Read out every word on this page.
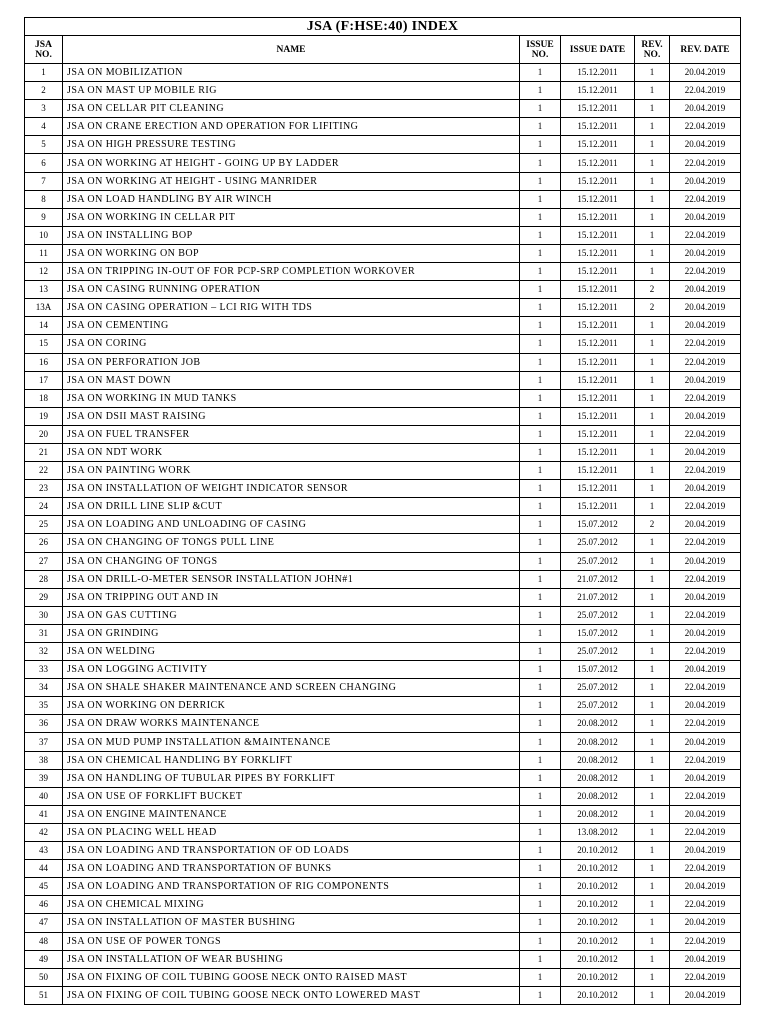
JSA (F:HSE:40) INDEX					
JSA NO.	NAME	ISSUE NO.	ISSUE DATE	REV. NO.	REV. DATE
1	JSA ON MOBILIZATION	1	15.12.2011	1	20.04.2019
2	JSA ON MAST UP MOBILE RIG	1	15.12.2011	1	22.04.2019
3	JSA ON CELLAR PIT CLEANING	1	15.12.2011	1	20.04.2019
4	JSA ON CRANE ERECTION AND OPERATION FOR LIFITING	1	15.12.2011	1	22.04.2019
5	JSA ON HIGH PRESSURE TESTING	1	15.12.2011	1	20.04.2019
6	JSA ON WORKING AT HEIGHT - GOING UP BY LADDER	1	15.12.2011	1	22.04.2019
7	JSA ON WORKING AT HEIGHT - USING MANRIDER	1	15.12.2011	1	20.04.2019
8	JSA ON LOAD HANDLING BY AIR WINCH	1	15.12.2011	1	22.04.2019
9	JSA ON WORKING IN CELLAR PIT	1	15.12.2011	1	20.04.2019
10	JSA ON INSTALLING BOP	1	15.12.2011	1	22.04.2019
11	JSA ON WORKING ON BOP	1	15.12.2011	1	20.04.2019
12	JSA ON TRIPPING IN-OUT OF FOR PCP-SRP COMPLETION WORKOVER	1	15.12.2011	1	22.04.2019
13	JSA ON CASING RUNNING OPERATION	1	15.12.2011	2	20.04.2019
13A	JSA ON CASING OPERATION – LCI RIG WITH TDS	1	15.12.2011	2	20.04.2019
14	JSA ON CEMENTING	1	15.12.2011	1	20.04.2019
15	JSA ON CORING	1	15.12.2011	1	22.04.2019
16	JSA ON PERFORATION JOB	1	15.12.2011	1	22.04.2019
17	JSA ON MAST DOWN	1	15.12.2011	1	20.04.2019
18	JSA ON WORKING IN MUD TANKS	1	15.12.2011	1	22.04.2019
19	JSA ON DSII MAST RAISING	1	15.12.2011	1	20.04.2019
20	JSA ON FUEL TRANSFER	1	15.12.2011	1	22.04.2019
21	JSA ON NDT WORK	1	15.12.2011	1	20.04.2019
22	JSA ON PAINTING WORK	1	15.12.2011	1	22.04.2019
23	JSA ON INSTALLATION OF WEIGHT INDICATOR SENSOR	1	15.12.2011	1	20.04.2019
24	JSA ON DRILL LINE SLIP &CUT	1	15.12.2011	1	22.04.2019
25	JSA ON LOADING AND UNLOADING OF CASING	1	15.07.2012	2	20.04.2019
26	JSA ON CHANGING OF TONGS PULL LINE	1	25.07.2012	1	22.04.2019
27	JSA ON CHANGING OF TONGS	1	25.07.2012	1	20.04.2019
28	JSA ON DRILL-O-METER SENSOR INSTALLATION JOHN#1	1	21.07.2012	1	22.04.2019
29	JSA ON TRIPPING OUT AND IN	1	21.07.2012	1	20.04.2019
30	JSA ON GAS CUTTING	1	25.07.2012	1	22.04.2019
31	JSA ON GRINDING	1	15.07.2012	1	20.04.2019
32	JSA ON WELDING	1	25.07.2012	1	22.04.2019
33	JSA ON LOGGING ACTIVITY	1	15.07.2012	1	20.04.2019
34	JSA ON SHALE SHAKER MAINTENANCE AND SCREEN CHANGING	1	25.07.2012	1	22.04.2019
35	JSA ON WORKING ON DERRICK	1	25.07.2012	1	20.04.2019
36	JSA ON DRAW WORKS MAINTENANCE	1	20.08.2012	1	22.04.2019
37	JSA ON MUD PUMP INSTALLATION &MAINTENANCE	1	20.08.2012	1	20.04.2019
38	JSA ON CHEMICAL HANDLING BY FORKLIFT	1	20.08.2012	1	22.04.2019
39	JSA ON HANDLING OF TUBULAR PIPES BY FORKLIFT	1	20.08.2012	1	20.04.2019
40	JSA ON USE OF FORKLIFT BUCKET	1	20.08.2012	1	22.04.2019
41	JSA ON ENGINE MAINTENANCE	1	20.08.2012	1	20.04.2019
42	JSA ON PLACING WELL HEAD	1	13.08.2012	1	22.04.2019
43	JSA ON LOADING AND TRANSPORTATION OF OD LOADS	1	20.10.2012	1	20.04.2019
44	JSA ON LOADING AND TRANSPORTATION OF BUNKS	1	20.10.2012	1	22.04.2019
45	JSA ON LOADING AND TRANSPORTATION OF RIG COMPONENTS	1	20.10.2012	1	20.04.2019
46	JSA ON CHEMICAL MIXING	1	20.10.2012	1	22.04.2019
47	JSA ON INSTALLATION OF MASTER BUSHING	1	20.10.2012	1	20.04.2019
48	JSA ON USE OF POWER TONGS	1	20.10.2012	1	22.04.2019
49	JSA ON INSTALLATION OF WEAR BUSHING	1	20.10.2012	1	20.04.2019
50	JSA ON FIXING OF COIL TUBING GOOSE NECK ONTO RAISED MAST	1	20.10.2012	1	22.04.2019
51	JSA ON FIXING OF COIL TUBING GOOSE NECK ONTO LOWERED MAST	1	20.10.2012	1	20.04.2019
